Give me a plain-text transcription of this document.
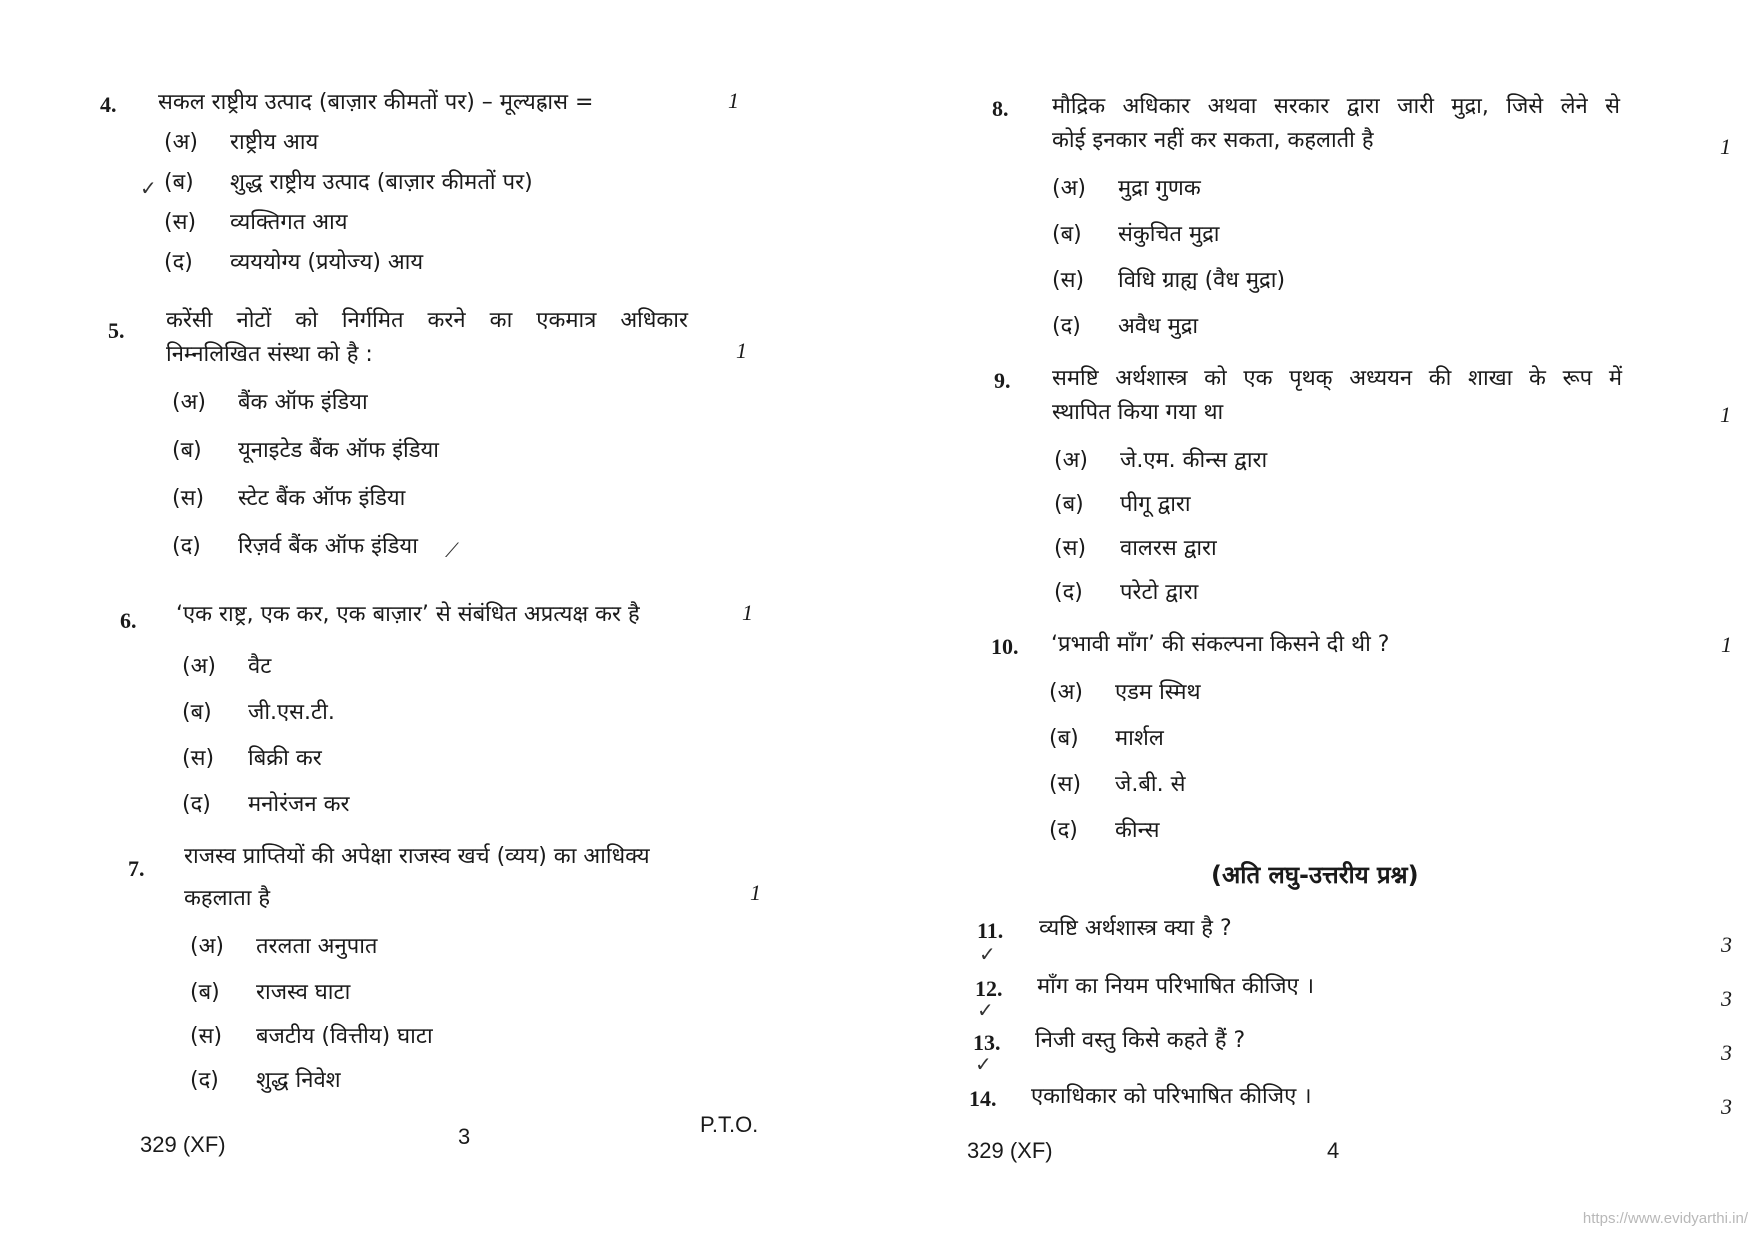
4. सकल राष्ट्रीय उत्पाद (बाज़ार कीमतों पर) – मूल्यह्रास =	1
(अ) राष्ट्रीय आय
(ब) शुद्ध राष्ट्रीय उत्पाद (बाज़ार कीमतों पर)
(स) व्यक्तिगत आय
(द) व्यययोग्य (प्रयोज्य) आय
5. करेंसी नोटों को निर्गमित करने का एकमात्र अधिकार
निम्नलिखित संस्था को है :	1
(अ) बैंक ऑफ इंडिया
(ब) यूनाइटेड बैंक ऑफ इंडिया
(स) स्टेट बैंक ऑफ इंडिया
(द) रिज़र्व बैंक ऑफ इंडिया
6. ‘एक राष्ट्र, एक कर, एक बाज़ार’ से संबंधित अप्रत्यक्ष कर है	1
(अ) वैट
(ब) जी.एस.टी.
(स) बिक्री कर
(द) मनोरंजन कर
7. राजस्व प्राप्तियों की अपेक्षा राजस्व खर्च (व्यय) का आधिक्य
कहलाता है	1
(अ) तरलता अनुपात
(ब) राजस्व घाटा
(स) बजटीय (वित्तीय) घाटा
(द) शुद्ध निवेश
✓
⟋
329 (XF)	3	P.T.O.
8. मौद्रिक अधिकार अथवा सरकार द्वारा जारी मुद्रा, जिसे लेने से
कोई इनकार नहीं कर सकता, कहलाती है	1
(अ) मुद्रा गुणक
(ब) संकुचित मुद्रा
(स) विधि ग्राह्य (वैध मुद्रा)
(द) अवैध मुद्रा
9. समष्टि अर्थशास्त्र को एक पृथक् अध्ययन की शाखा के रूप में
स्थापित किया गया था	1
(अ) जे.एम. कीन्स द्वारा
(ब) पीगू द्वारा
(स) वालरस द्वारा
(द) परेटो द्वारा
10. ‘प्रभावी माँग’ की संकल्पना किसने दी थी ?	1
(अ) एडम स्मिथ
(ब) मार्शल
(स) जे.बी. से
(द) कीन्स
(अति लघु-उत्तरीय प्रश्न)
11. व्यष्टि अर्थशास्त्र क्या है ?
3
12. माँग का नियम परिभाषित कीजिए ।	3
13. निजी वस्तु किसे कहते हैं ?	3
14. एकाधिकार को परिभाषित कीजिए ।	3
✓
✓
✓
329 (XF)	4
https://www.evidyarthi.in/
